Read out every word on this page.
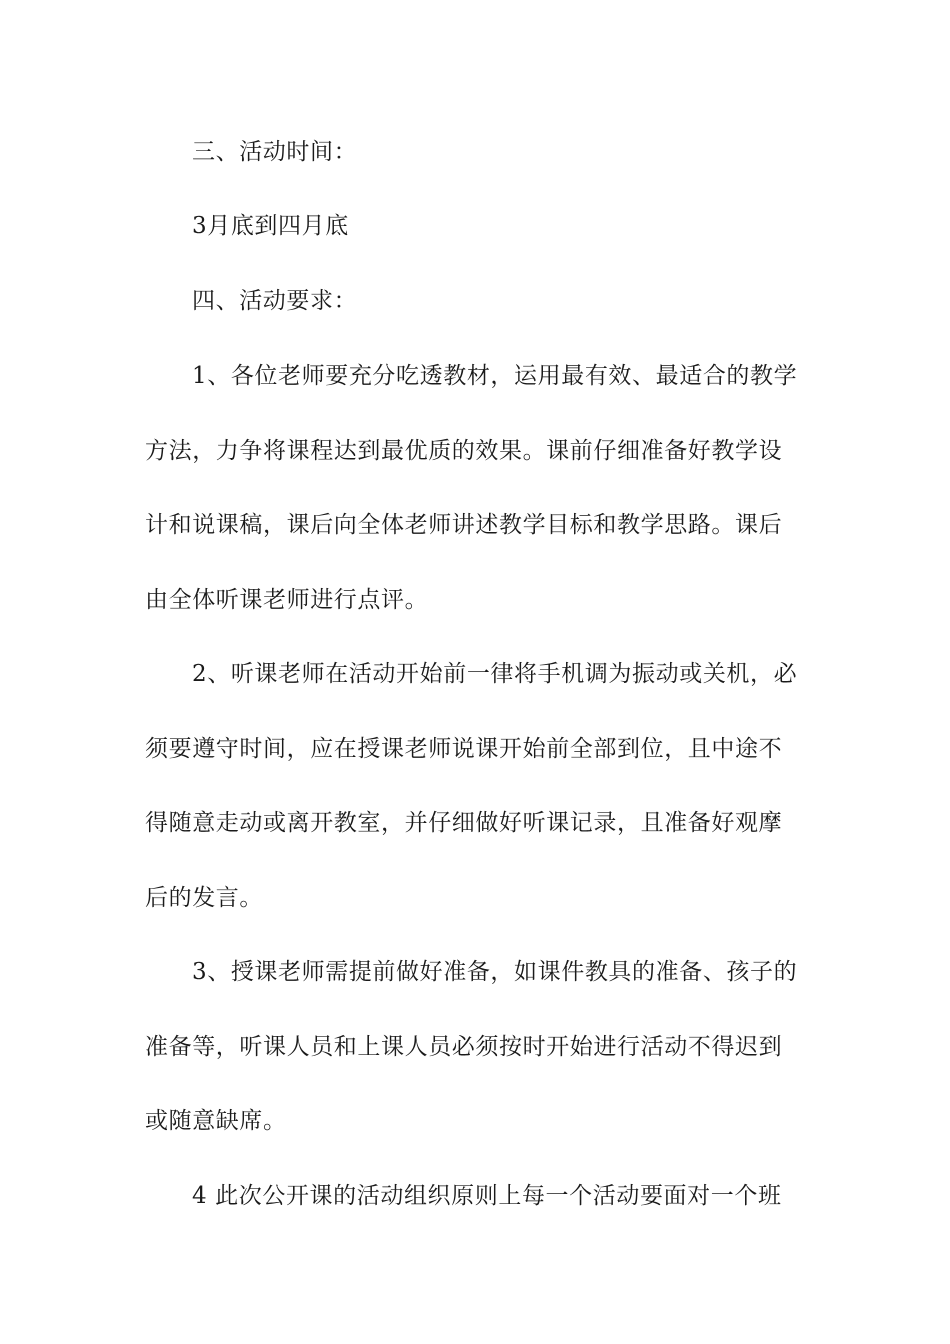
三、活动时间：
3月底到四月底
四、活动要求：
1、各位老师要充分吃透教材，运用最有效、最适合的教学
方法，力争将课程达到最优质的效果。课前仔细准备好教学设
计和说课稿，课后向全体老师讲述教学目标和教学思路。课后
由全体听课老师进行点评。
2、听课老师在活动开始前一律将手机调为振动或关机，必
须要遵守时间，应在授课老师说课开始前全部到位，且中途不
得随意走动或离开教室，并仔细做好听课记录，且准备好观摩
后的发言。
3、授课老师需提前做好准备，如课件教具的准备、孩子的
准备等，听课人员和上课人员必须按时开始进行活动不得迟到
或随意缺席。
4 此次公开课的活动组织原则上每一个活动要面对一个班
